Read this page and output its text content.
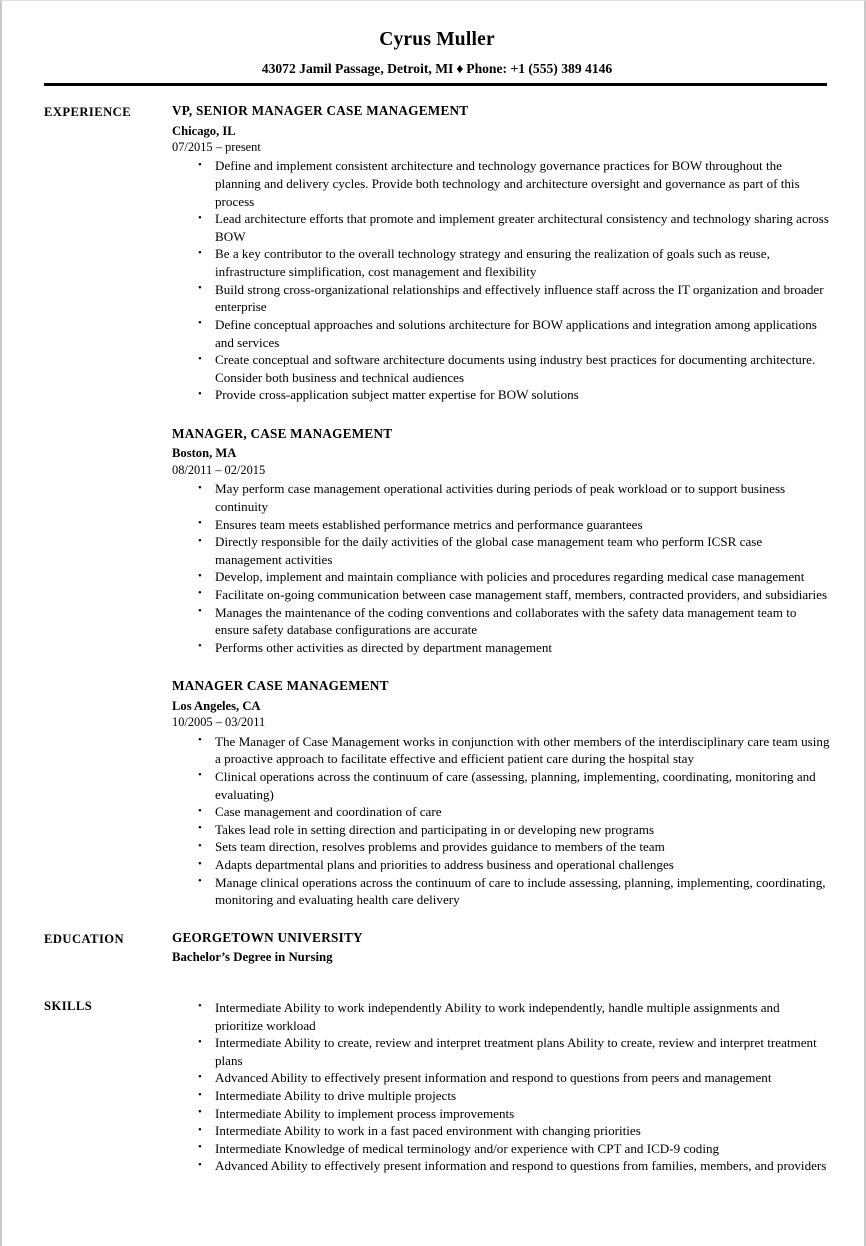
Cyrus Muller
43072 Jamil Passage, Detroit, MI ♦ Phone: +1 (555) 389 4146
EXPERIENCE	VP, SENIOR MANAGER CASE MANAGEMENT
Chicago, IL
07/2015 – present
• Define and implement consistent architecture and technology governance practices for BOW throughout the planning and delivery cycles. Provide both technology and architecture oversight and governance as part of this process
• Lead architecture efforts that promote and implement greater architectural consistency and technology sharing across BOW
• Be a key contributor to the overall technology strategy and ensuring the realization of goals such as reuse, infrastructure simplification, cost management and flexibility
• Build strong cross-organizational relationships and effectively influence staff across the IT organization and broader enterprise
• Define conceptual approaches and solutions architecture for BOW applications and integration among applications and services
• Create conceptual and software architecture documents using industry best practices for documenting architecture. Consider both business and technical audiences
• Provide cross-application subject matter expertise for BOW solutions
MANAGER, CASE MANAGEMENT
Boston, MA
08/2011 – 02/2015
• May perform case management operational activities during periods of peak workload or to support business continuity
• Ensures team meets established performance metrics and performance guarantees
• Directly responsible for the daily activities of the global case management team who perform ICSR case management activities
• Develop, implement and maintain compliance with policies and procedures regarding medical case management
• Facilitate on-going communication between case management staff, members, contracted providers, and subsidiaries
• Manages the maintenance of the coding conventions and collaborates with the safety data management team to ensure safety database configurations are accurate
• Performs other activities as directed by department management
MANAGER CASE MANAGEMENT
Los Angeles, CA
10/2005 – 03/2011
• The Manager of Case Management works in conjunction with other members of the interdisciplinary care team using a proactive approach to facilitate effective and efficient patient care during the hospital stay
• Clinical operations across the continuum of care (assessing, planning, implementing, coordinating, monitoring and evaluating)
• Case management and coordination of care
• Takes lead role in setting direction and participating in or developing new programs
• Sets team direction, resolves problems and provides guidance to members of the team
• Adapts departmental plans and priorities to address business and operational challenges
• Manage clinical operations across the continuum of care to include assessing, planning, implementing, coordinating, monitoring and evaluating health care delivery
EDUCATION	GEORGETOWN UNIVERSITY
Bachelor’s Degree in Nursing
SKILLS	• Intermediate Ability to work independently Ability to work independently, handle multiple assignments and prioritize workload
• Intermediate Ability to create, review and interpret treatment plans Ability to create, review and interpret treatment plans
• Advanced Ability to effectively present information and respond to questions from peers and management
• Intermediate Ability to drive multiple projects
• Intermediate Ability to implement process improvements
• Intermediate Ability to work in a fast paced environment with changing priorities
• Intermediate Knowledge of medical terminology and/or experience with CPT and ICD-9 coding
• Advanced Ability to effectively present information and respond to questions from families, members, and providers
